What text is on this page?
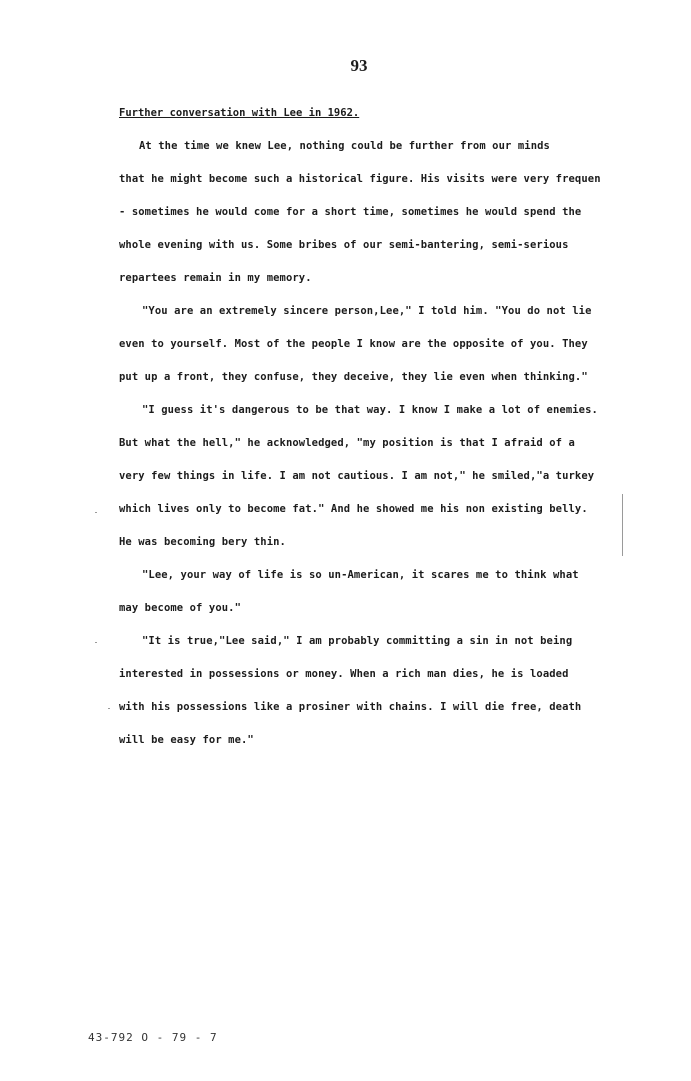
93
Further conversation with Lee in 1962.
At the time we knew Lee, nothing could be further from our minds
that he might become such a historical figure. His visits were very frequen
- sometimes he would come for a short time, sometimes he would spend the
whole evening with us. Some bribes of our semi-bantering, semi-serious
repartees remain in my memory.
"You are an extremely sincere person,Lee," I told him. "You do not lie
even to yourself. Most of the people I know are the opposite of you. They
put up a front, they confuse, they deceive, they lie even when thinking."
"I guess it's dangerous to be that way. I know I make a lot of enemies.
But what the hell," he acknowledged, "my position is that I afraid of a
very few things in life. I am not cautious. I am not," he smiled,"a turkey
which lives only to become fat." And he showed me his non existing belly.
He was becoming bery thin.
"Lee, your way of life is so un-American, it scares me to think what
may become of you."
"It is true,"Lee said," I am probably committing a sin in not being
interested in possessions or money. When a rich man dies, he is loaded
with his possessions like a prosiner with chains. I will die free, death
will be easy for me."
43-792 O - 79 - 7
